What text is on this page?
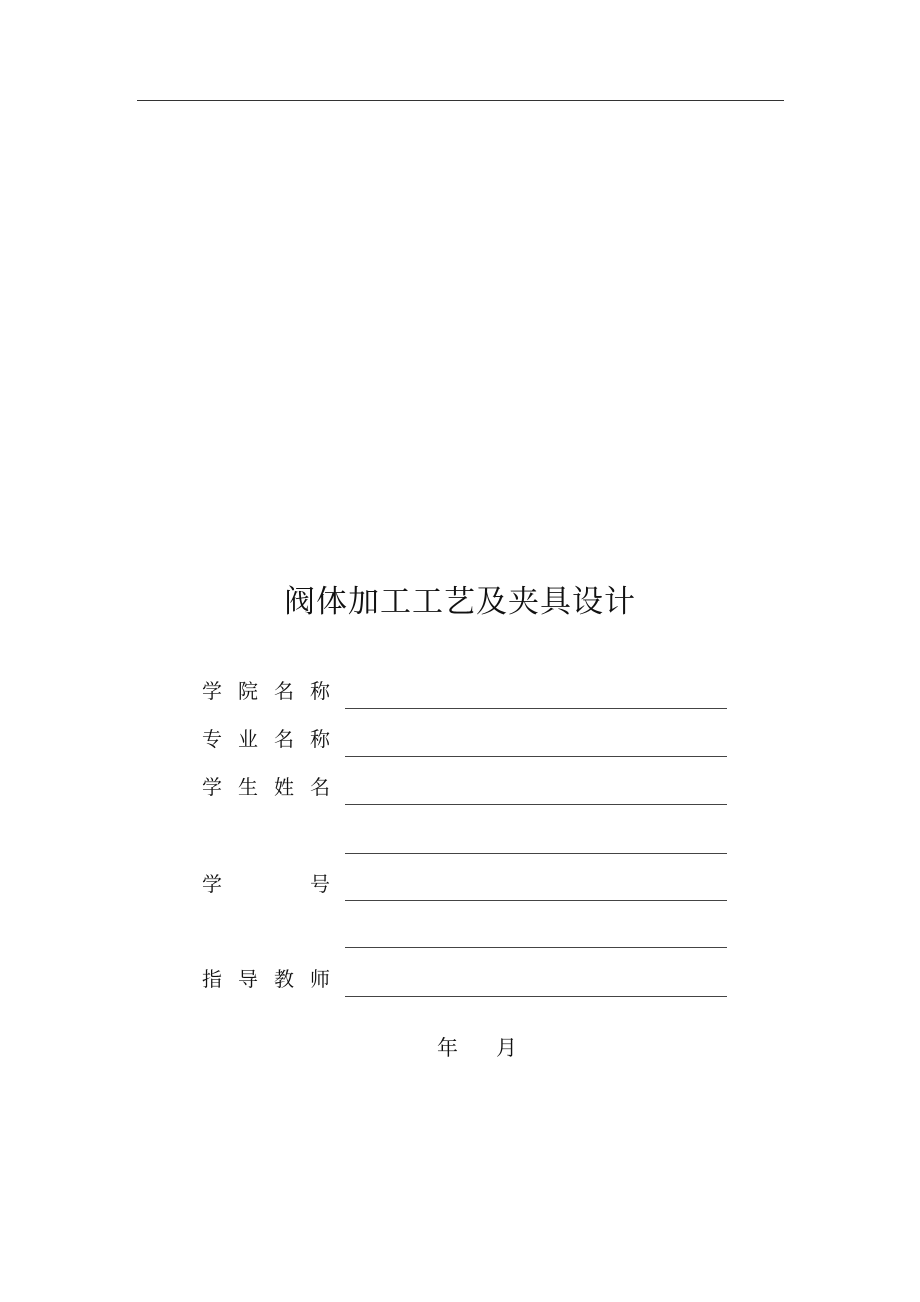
阀体加工工艺及夹具设计
学 院 名 称
专 业 名 称
学 生 姓 名
学	号
指 导 教 师
年 月
